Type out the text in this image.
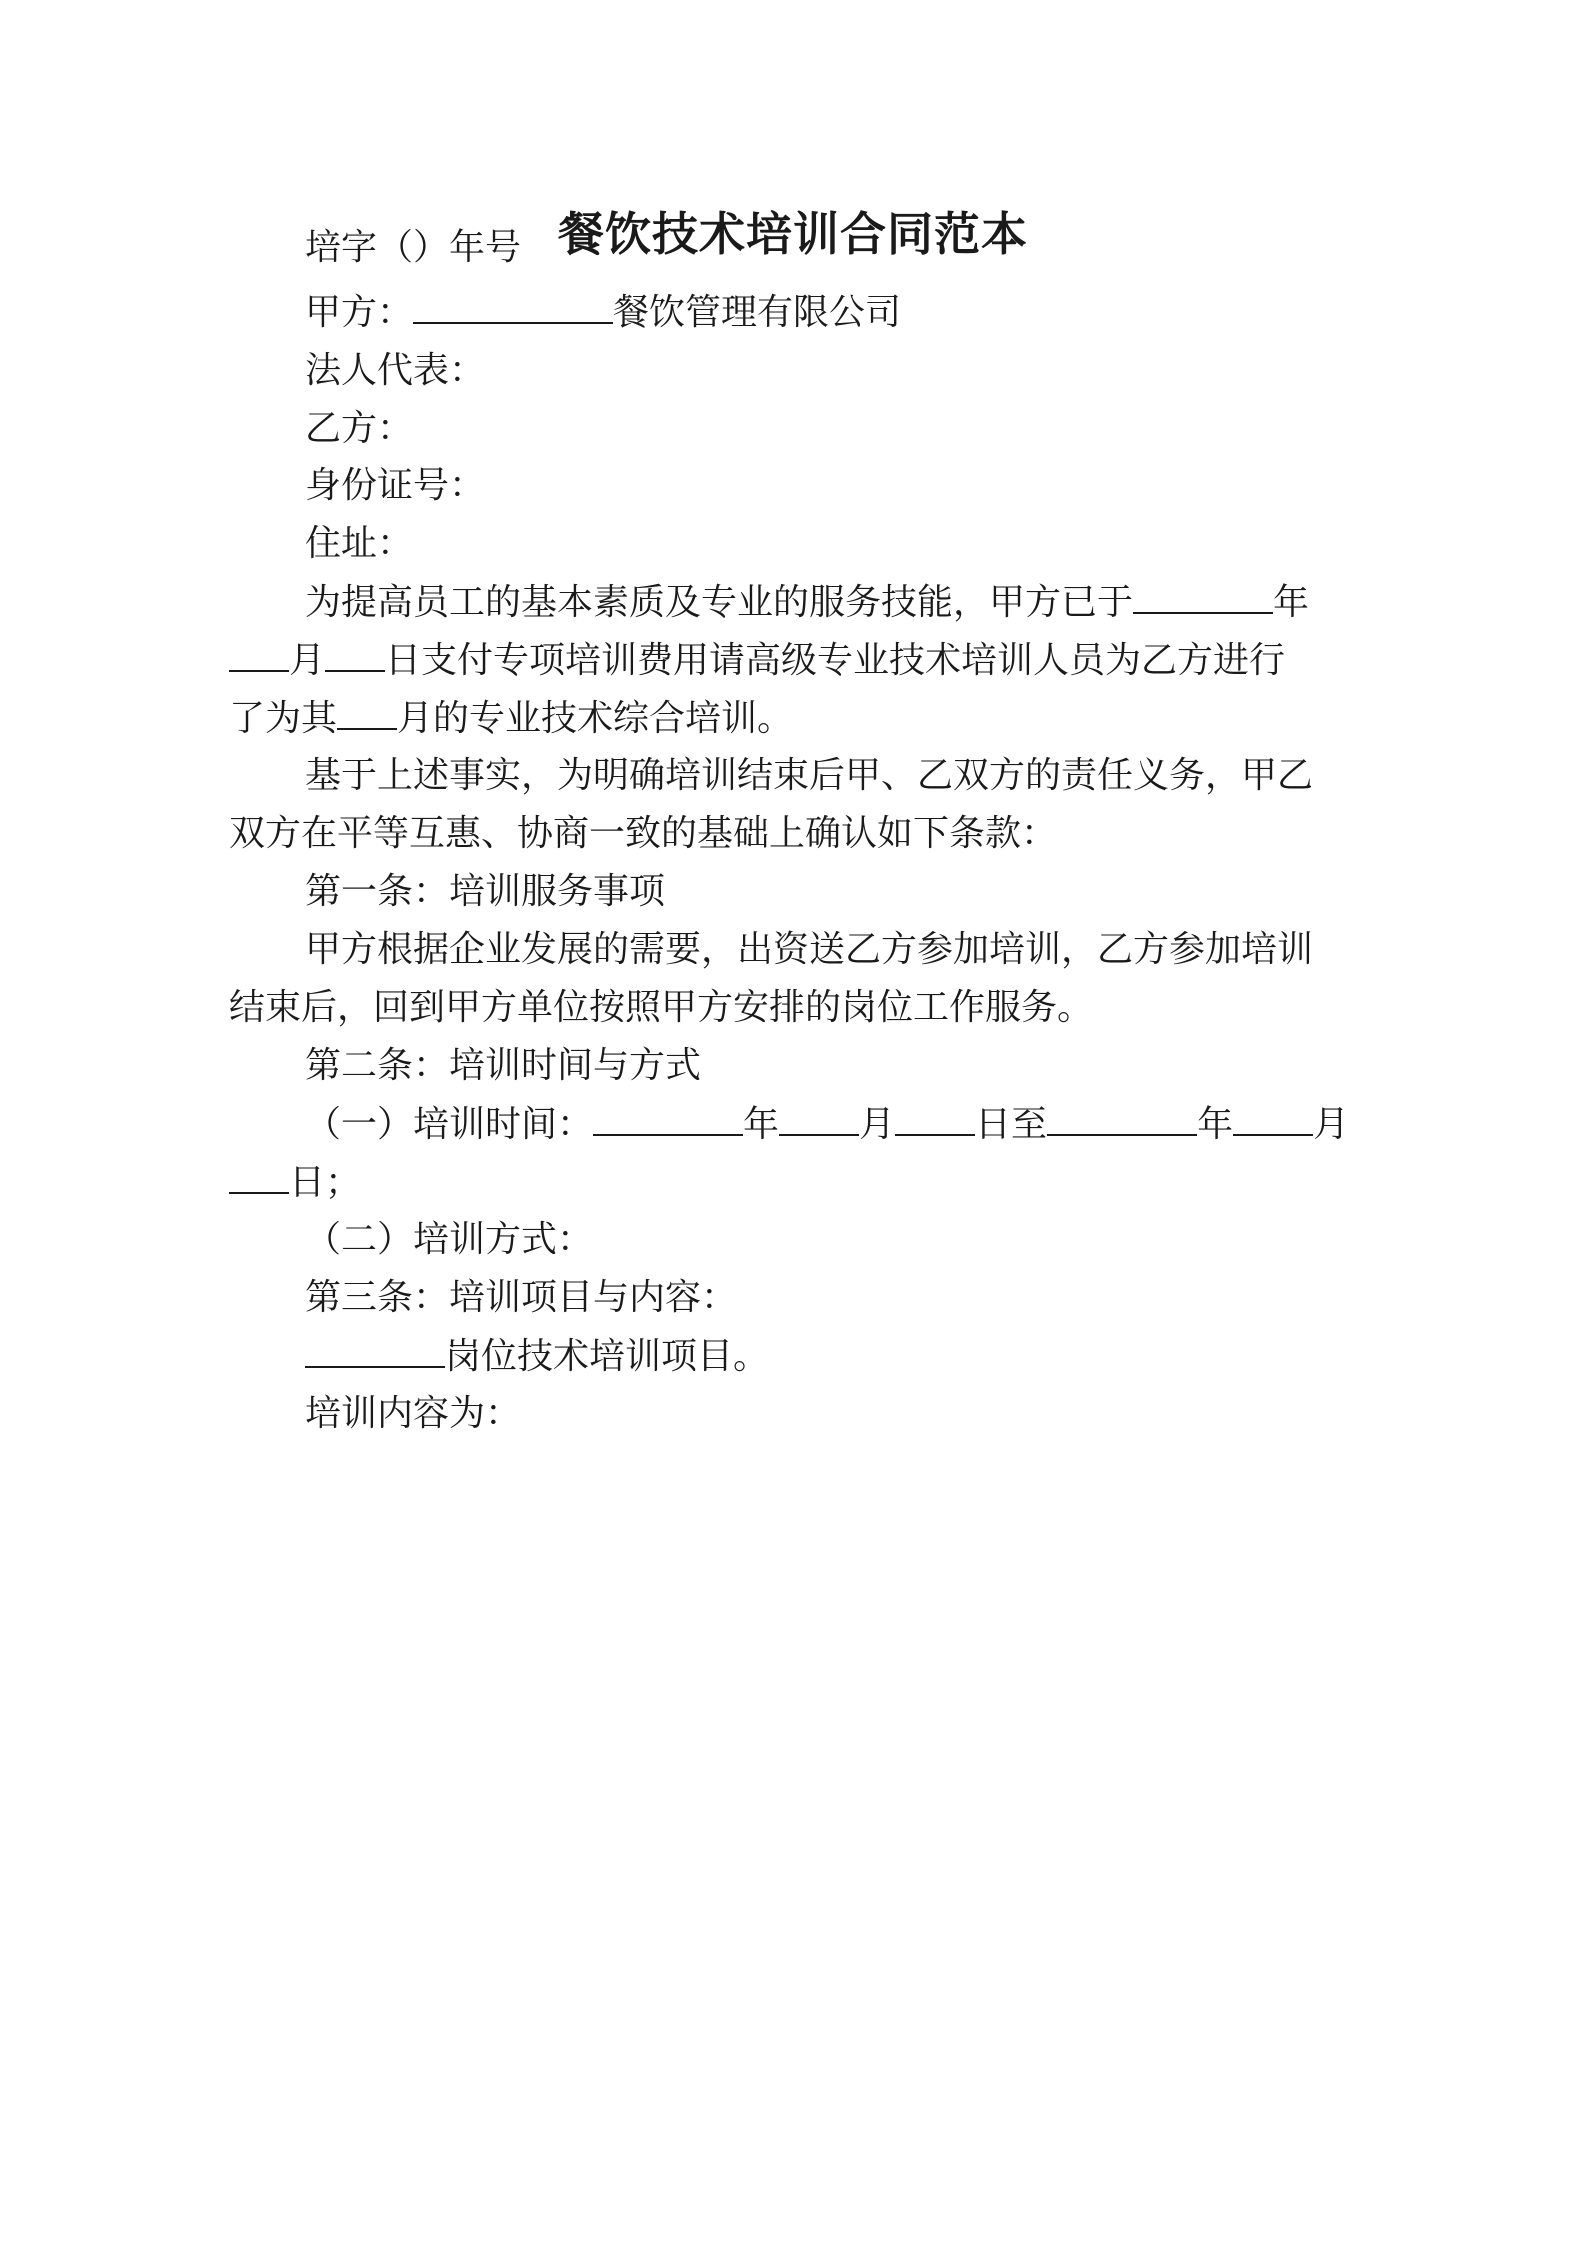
餐饮技术培训合同范本

培字（）年号

甲方：	餐饮管理有限公司

法人代表：

乙方：

身份证号：

住址：

为提高员工的基本素质及专业的服务技能，甲方已于	年

月 日支付专项培训费用请高级专业技术培训人员为乙方进行

了为其 月的专业技术综合培训。

基于上述事实，为明确培训结束后甲、乙双方的责任义务，甲乙

双方在平等互惠、协商一致的基础上确认如下条款：

第一条：培训服务事项

甲方根据企业发展的需要，出资送乙方参加培训，乙方参加培训

结束后，回到甲方单位按照甲方安排的岗位工作服务。

第二条：培训时间与方式

（一）培训时间：	年 月 日至	年 月

日；

（二）培训方式：

第三条：培训项目与内容：

岗位技术培训项目。

培训内容为：
